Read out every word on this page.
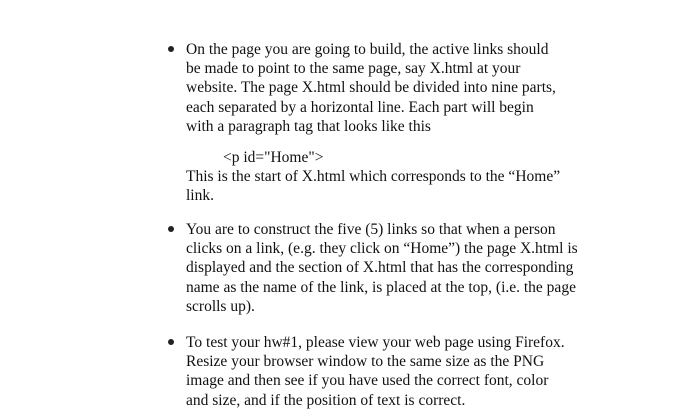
On the page you are going to build, the active links should
be made to point to the same page, say X.html at your
website. The page X.html should be divided into nine parts,
each separated by a horizontal line. Each part will begin
with a paragraph tag that looks like this
<p id="Home">
This is the start of X.html which corresponds to the “Home”
link.
You are to construct the five (5) links so that when a person
clicks on a link, (e.g. they click on “Home”) the page X.html is
displayed and the section of X.html that has the corresponding
name as the name of the link, is placed at the top, (i.e. the page
scrolls up).
To test your hw#1, please view your web page using Firefox.
Resize your browser window to the same size as the PNG
image and then see if you have used the correct font, color
and size, and if the position of text is correct.
